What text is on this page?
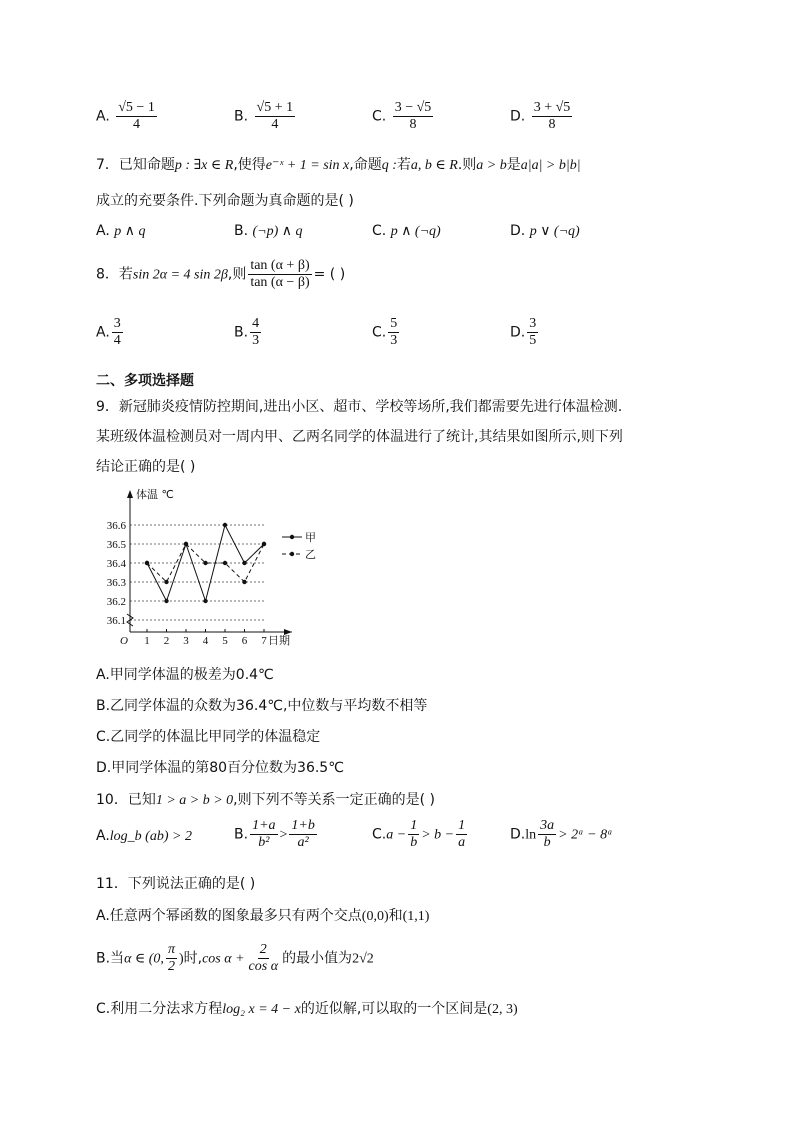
A. $\frac{√5 - 1}{4}$	B. $\frac{√5 + 1}{4}$	C. $\frac{3 - √5}{8}$	D. $\frac{3 + √5}{8}$
7．已知命题p : ∃x ∈ R,使得e⁻ˣ + 1 = sin x,命题q :若a, b ∈ R.则a > b是a|a| > b|b|
成立的充要条件.下列命题为真命题的是( )
A. p ∧ q	B. (¬p) ∧ q	C. p ∧ (¬q)	D. p ∨ (¬q)
8．若sin 2α = 4 sin 2β,则 $\frac{\tan (\alpha + \beta)}{\tan (\alpha - \beta)}$ = ( )
A. $\frac{3}{4}$	B. $\frac{4}{3}$	C. $\frac{5}{3}$	D. $\frac{3}{5}$
二、多项选择题
9．新冠肺炎疫情防控期间,进出小区、超市、学校等场所,我们都需要先进行体温检测.
某班级体温检测员对一周内甲、乙两名同学的体温进行了统计,其结果如图所示,则下列
结论正确的是( )
36.1
36.2
36.3
36.4
36.5
36.6
体温 ℃
O	日期
1 2 3 4 5 6 7
甲
乙
A.甲同学体温的极差为0.4℃
B.乙同学体温的众数为36.4℃,中位数与平均数不相等
C.乙同学的体温比甲同学的体温稳定
D.甲同学体温的第80百分位数为36.5℃
10．已知1 > a > b > 0,则下列不等关系一定正确的是( )
A.log_b (ab) > 2	B. $\frac{1+a}{\text{b²}} > \frac{1+b}{\text{a²}}$	$C.a - \frac{1}{b} > b - \frac{1}{a}$	$D.\ln \frac{3a}{b}$ > 2ᵃ − 8ᵃ
11．下列说法正确的是( )
A.任意两个幂函数的图象最多只有两个交点(0,0)和(1,1)
B.当α ∈ (0, $\frac{\pi}{2}$ )时,cos $\alpha + \frac{2}{\text{cos α}}$ 的最小值为2√2
C.利用二分法求方程log₂ x = 4 − x的近似解,可以取的一个区间是(2, 3)
